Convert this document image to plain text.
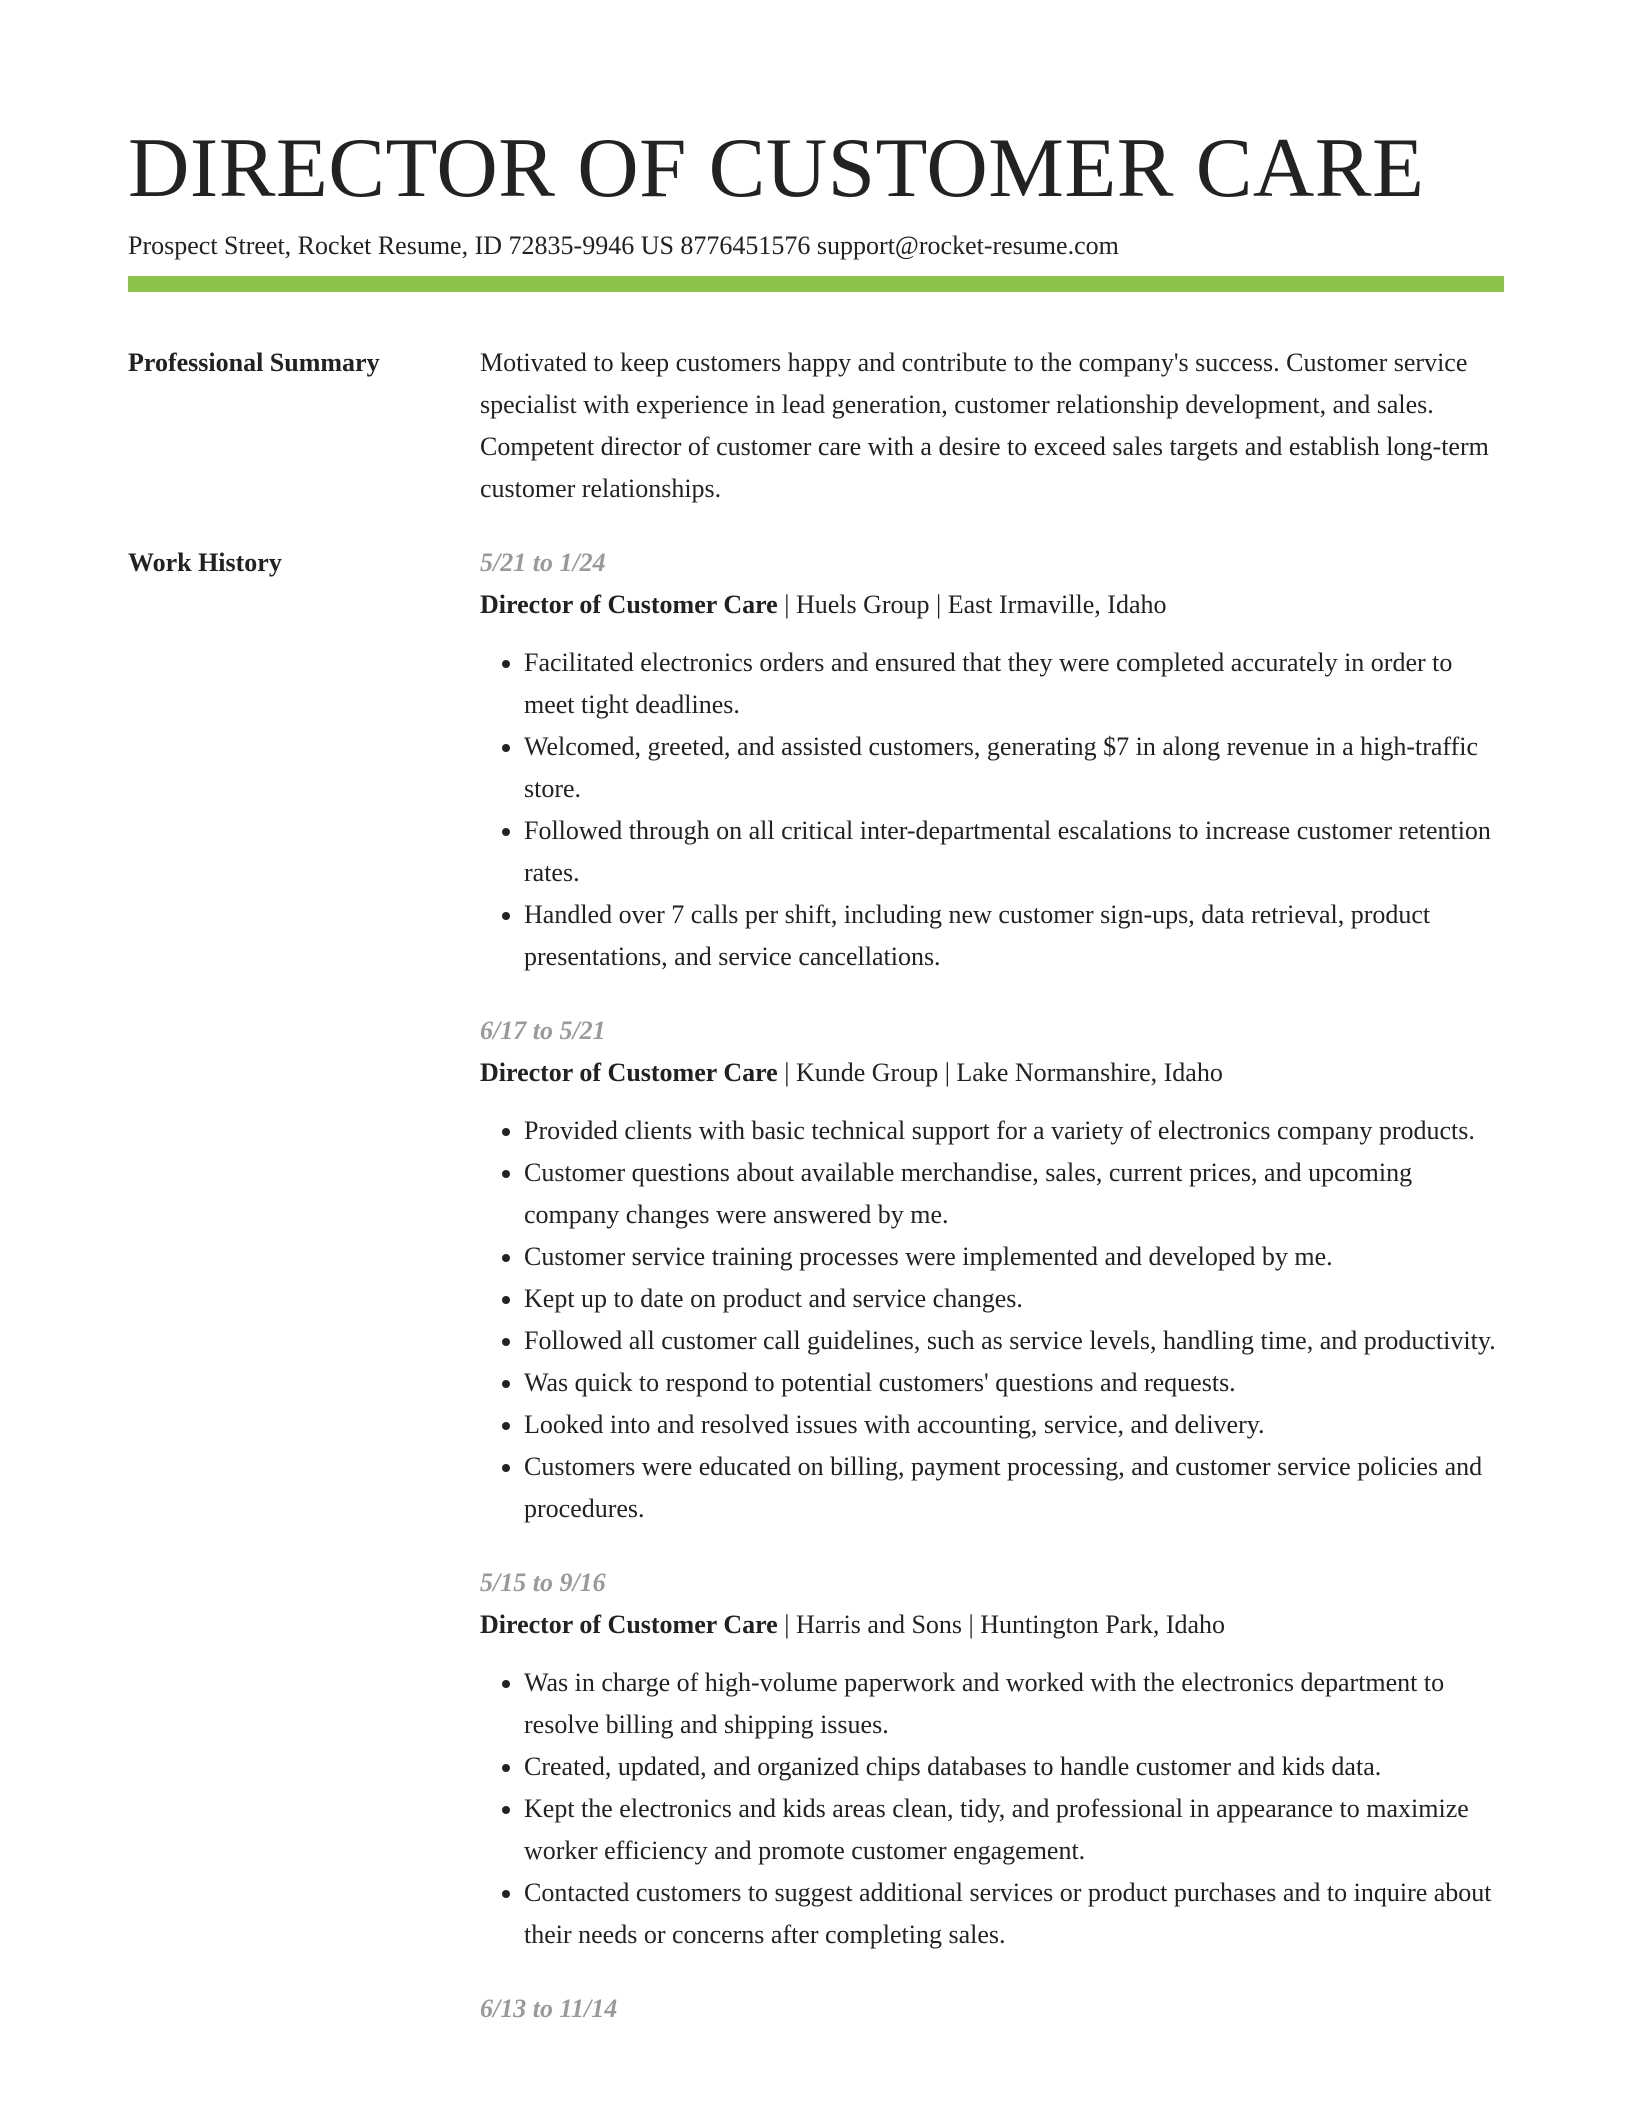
DIRECTOR OF CUSTOMER CARE
Prospect Street, Rocket Resume, ID 72835-9946 US 8776451576 support@rocket-resume.com
Professional Summary	Motivated to keep customers happy and contribute to the company's success. Customer service specialist with experience in lead generation, customer relationship development, and sales. Competent director of customer care with a desire to exceed sales targets and establish long-term customer relationships.

Work History	5/21 to 1/24
Director of Customer Care | Huels Group | East Irmaville, Idaho
• Facilitated electronics orders and ensured that they were completed accurately in order to meet tight deadlines.
• Welcomed, greeted, and assisted customers, generating $7 in along revenue in a high-traffic store.
• Followed through on all critical inter-departmental escalations to increase customer retention rates.
• Handled over 7 calls per shift, including new customer sign-ups, data retrieval, product presentations, and service cancellations.
6/17 to 5/21
Director of Customer Care | Kunde Group | Lake Normanshire, Idaho
• Provided clients with basic technical support for a variety of electronics company products.
• Customer questions about available merchandise, sales, current prices, and upcoming company changes were answered by me.
• Customer service training processes were implemented and developed by me.
• Kept up to date on product and service changes.
• Followed all customer call guidelines, such as service levels, handling time, and productivity.
• Was quick to respond to potential customers' questions and requests.
• Looked into and resolved issues with accounting, service, and delivery.
• Customers were educated on billing, payment processing, and customer service policies and procedures.
5/15 to 9/16
Director of Customer Care | Harris and Sons | Huntington Park, Idaho
• Was in charge of high-volume paperwork and worked with the electronics department to resolve billing and shipping issues.
• Created, updated, and organized chips databases to handle customer and kids data.
• Kept the electronics and kids areas clean, tidy, and professional in appearance to maximize worker efficiency and promote customer engagement.
• Contacted customers to suggest additional services or product purchases and to inquire about their needs or concerns after completing sales.
6/13 to 11/14
